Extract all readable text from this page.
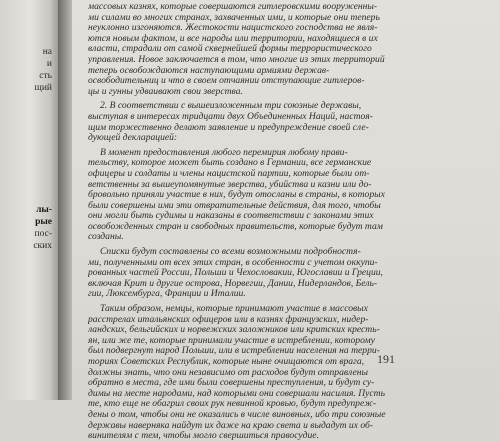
на
и
сть
щий
лы-
рые
пос-
ских
массовых казнях, которые совершаются гитлеровскими вооруженны-
ми силами во многих странах, захваченных ими, и которые они теперь
неуклонно изгоняются. Жестокости нацистского господства не явля-
ются новым фактом, и все народы или территории, находящиеся в их
власти, страдали от самой сквернейшей формы террористического
управления. Новое заключается в том, что многие из этих территорий
теперь освобождаются наступающими армиями держав-
освободительниц и что в своем отчаянии отступающие гитлеров-
цы и гунны удваивают свои зверства.
2. В соответствии с вышеизложенным три союзные державы,
выступая в интересах тридцати двух Объединенных Наций, настоя-
щим торжественно делают заявление и предупреждение своей сле-
дующей декларацией:
В момент предоставления любого перемирия любому прави-
тельству, которое может быть создано в Германии, все германские
офицеры и солдаты и члены нацистской партии, которые были от-
ветственны за вышеупомянутые зверства, убийства и казни или до-
бровольно приняли участие в них, будут отосланы в страны, в которых
были совершены ими эти отвратительные действия, для того, чтобы
они могли быть судимы и наказаны в соответствии с законами этих
освобожденных стран и свободных правительств, которые будут там
созданы.
Списки будут составлены со всеми возможными подробностя-
ми, полученными от всех этих стран, в особенности с учетом оккупи-
рованных частей России, Польши и Чехословакии, Югославии и Греции,
включая Крит и другие острова, Норвегии, Дании, Нидерландов, Бель-
гии, Люксембурга, Франции и Италии.
Таким образом, немцы, которые принимают участие в массовых
расстрелах итальянских офицеров или в казнях французских, нидер-
ландских, бельгийских и норвежских заложников или критских кресть-
ян, или же те, которые принимали участие в истреблении, которому
был подвергнут народ Польши, или в истреблении населения на терри-
ториях Советских Республик, которые ныне очищаются от врага,
должны знать, что они независимо от расходов будут отправлены
обратно в места, где ими были совершены преступления, и будут су-
димы на месте народами, над которыми они совершали насилия. Пусть
те, кто еще не обагрил своих рук невинной кровью, будут предупреж-
дены о том, чтобы они не оказались в числе виновных, ибо три союзные
державы наверняка найдут их даже на краю света и выдадут их об-
винителям с тем, чтобы могло свершиться правосудие.
191
